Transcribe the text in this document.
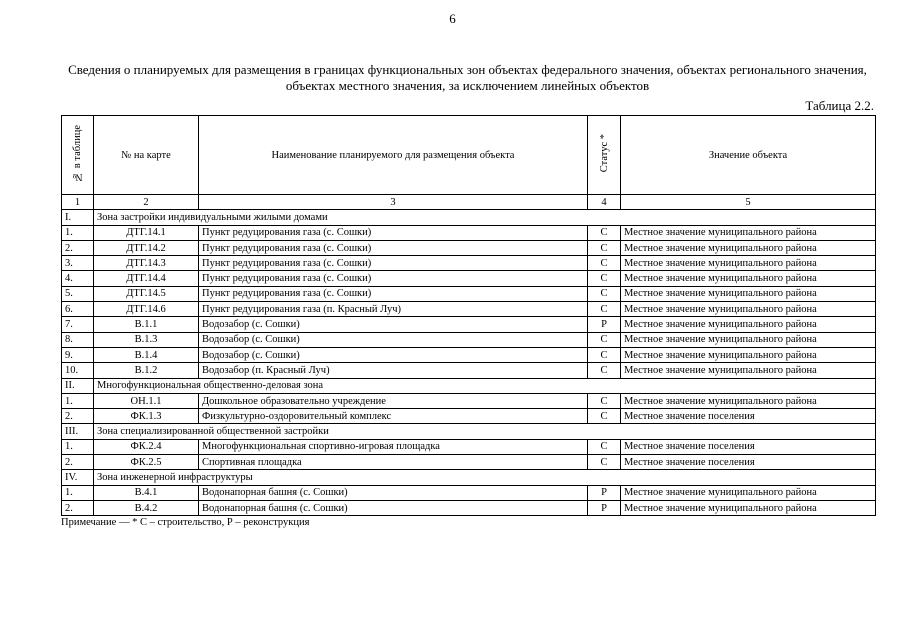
6
Сведения о планируемых для размещения в границах функциональных зон объектах федерального значения, объектах регионального значения, объектах местного значения, за исключением линейных объектов
Таблица 2.2.
№ в таблице	№ на карте	Наименование планируемого для размещения объекта	Статус *	Значение объекта
1	2	3	4	5
I.	Зона застройки индивидуальными жилыми домами			
1.	ДТГ.14.1	Пункт редуцирования газа (с. Сошки)	С	Местное значение муниципального района
2.	ДТГ.14.2	Пункт редуцирования газа (с. Сошки)	С	Местное значение муниципального района
3.	ДТГ.14.3	Пункт редуцирования газа (с. Сошки)	С	Местное значение муниципального района
4.	ДТГ.14.4	Пункт редуцирования газа (с. Сошки)	С	Местное значение муниципального района
5.	ДТГ.14.5	Пункт редуцирования газа (с. Сошки)	С	Местное значение муниципального района
6.	ДТГ.14.6	Пункт редуцирования газа (п. Красный Луч)	С	Местное значение муниципального района
7.	В.1.1	Водозабор (с. Сошки)	Р	Местное значение муниципального района
8.	В.1.3	Водозабор (с. Сошки)	С	Местное значение муниципального района
9.	В.1.4	Водозабор (с. Сошки)	С	Местное значение муниципального района
10.	В.1.2	Водозабор (п. Красный Луч)	С	Местное значение муниципального района
II.	Многофункциональная общественно-деловая зона			
1.	ОН.1.1	Дошкольное образовательно учреждение	С	Местное значение муниципального района
2.	ФК.1.3	Физкультурно-оздоровительный комплекс	С	Местное значение поселения
III.	Зона специализированной общественной застройки			
1.	ФК.2.4	Многофункциональная спортивно-игровая площадка	С	Местное значение поселения
2.	ФК.2.5	Спортивная площадка	С	Местное значение поселения
IV.	Зона инженерной инфраструктуры			
1.	В.4.1	Водонапорная башня (с. Сошки)	Р	Местное значение муниципального района
2.	В.4.2	Водонапорная башня (с. Сошки)	Р	Местное значение муниципального района
Примечание — * С – строительство, Р – реконструкция
